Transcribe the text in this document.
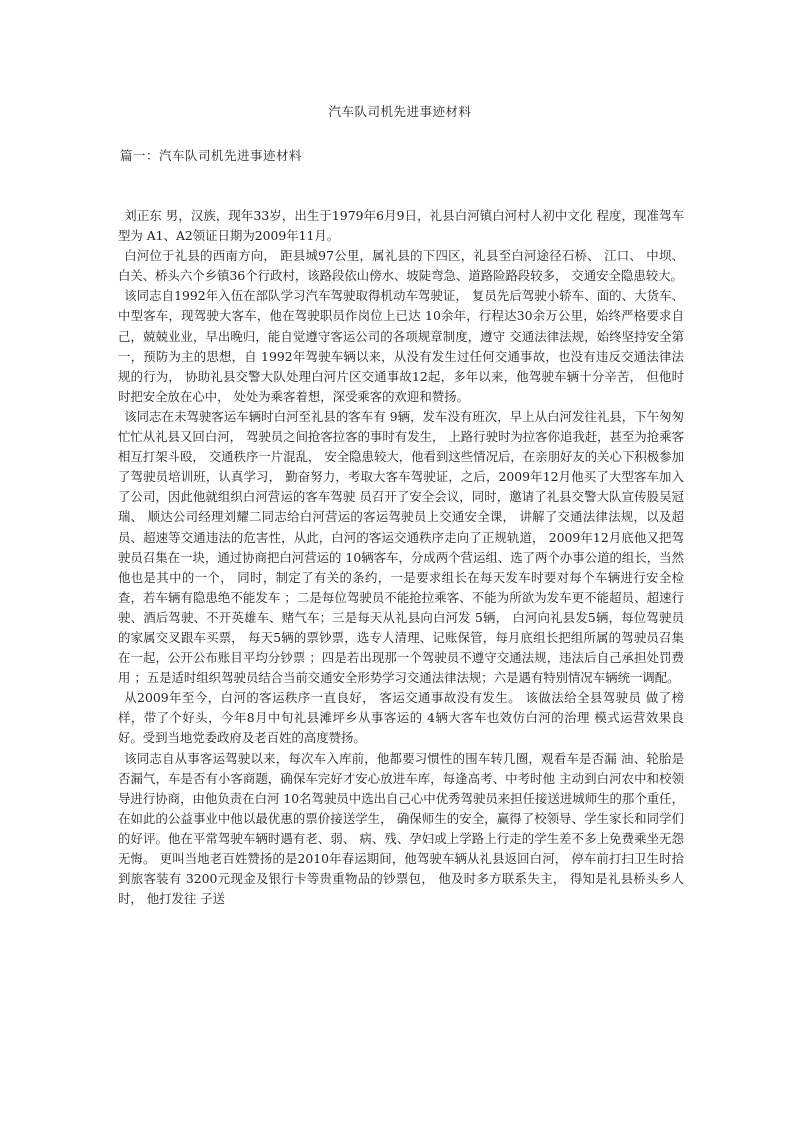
汽车队司机先进事迹材料
篇一：汽车队司机先进事迹材料

刘正东 男，汉族，现年33岁，出生于1979年6月9日，礼县白河镇白河村人初中文化 程度，现准驾车型为 A1、A2领证日期为2009年11月。

白河位于礼县的西南方向， 距县城97公里，属礼县的下四区，礼县至白河途径石桥、 江口、 中坝、 白关、桥头六个乡镇36个行政村，该路段依山傍水、坡陡弯急、道路险路段较多， 交通安全隐患较大。

该同志自1992年入伍在部队学习汽车驾驶取得机动车驾驶证， 复员先后驾驶小轿车、面的、大货车、中型客车，现驾驶大客车，他在驾驶职员作岗位上已达 10余年，行程达30余万公里，始终严格要求自己，兢兢业业，早出晚归，能自觉遵守客运公司的各项规章制度，遵守 交通法律法规，始终坚持安全第一，预防为主的思想，自 1992年驾驶车辆以来，从没有发生过任何交通事故，也没有违反交通法律法规的行为， 协助礼县交警大队处理白河片区交通事故12起，多年以来，他驾驶车辆十分辛苦， 但他时时把安全放在心中， 处处为乘客着想，深受乘客的欢迎和赞扬。

该同志在未驾驶客运车辆时白河至礼县的客车有 9辆，发车没有班次，早上从白河发往礼县，下午匆匆忙忙从礼县又回白河， 驾驶员之间抢客拉客的事时有发生， 上路行驶时为拉客你追我赶，甚至为抢乘客相互打架斗殴， 交通秩序一片混乱， 安全隐患较大，他看到这些情况后，在亲朋好友的关心下积极参加了驾驶员培训班，认真学习， 勤奋努力，考取大客车驾驶证，之后，2009年12月他买了大型客车加入了公司，因此他就组织白河营运的客车驾驶 员召开了安全会议，同时，邀请了礼县交警大队宣传股吴冠瑞、 顺达公司经理刘耀二同志给白河营运的客运驾驶员上交通安全课， 讲解了交通法律法规，以及超员、超速等交通违法的危害性，从此，白河的客运交通秩序走向了正规轨道， 2009年12月底他又把驾驶员召集在一块，通过协商把白河营运的 10辆客车，分成两个营运组、选了两个办事公道的组长，当然他也是其中的一个， 同时，制定了有关的条约，一是要求组长在每天发车时要对每个车辆进行安全检查，若车辆有隐患绝不能发车 ；二是每位驾驶员不能抢拉乘客、不能为所欲为发车更不能超员、超速行驶、酒后驾驶、不开英雄车、赌气车；三是每天从礼县向白河发 5辆， 白河向礼县发5辆，每位驾驶员的家属交叉跟车买票， 每天5辆的票钞票，选专人清理、记账保管，每月底组长把组所属的驾驶员召集在一起，公开公布账目平均分钞票 ；四是若出现那一个驾驶员不遵守交通法规，违法后自己承担处罚费用 ；五是适时组织驾驶员结合当前交通安全形势学习交通法律法规；六是遇有特别情况车辆统一调配。

从2009年至今，白河的客运秩序一直良好， 客运交通事故没有发生。 该做法给全县驾驶员 做了榜样，带了个好头，今年8月中旬礼县滩坪乡从事客运的 4辆大客车也效仿白河的治理 模式运营效果良好。受到当地党委政府及老百姓的高度赞扬。

该同志自从事客运驾驶以来，每次车入库前，他都要习惯性的围车转几圈，观看车是否漏 油、轮胎是否漏气，车是否有小客商题，确保车完好才安心放进车库，每逢高考、中考时他 主动到白河农中和校领导进行协商，由他负责在白河 10名驾驶员中选出自己心中优秀驾驶员来担任接送进城师生的那个重任， 在如此的公益事业中他以最优惠的票价接送学生， 确保师生的安全，赢得了校领导、学生家长和同学们的好评。他在平常驾驶车辆时遇有老、弱、 病、残、孕妇或上学路上行走的学生差不多上免费乘坐无怨无悔。 更叫当地老百姓赞扬的是2010年春运期间，他驾驶车辆从礼县返回白河， 停车前打扫卫生时拾到旅客装有 3200元现金及银行卡等贵重物品的钞票包， 他及时多方联系失主， 得知是礼县桥头乡人时， 他打发往 子送
